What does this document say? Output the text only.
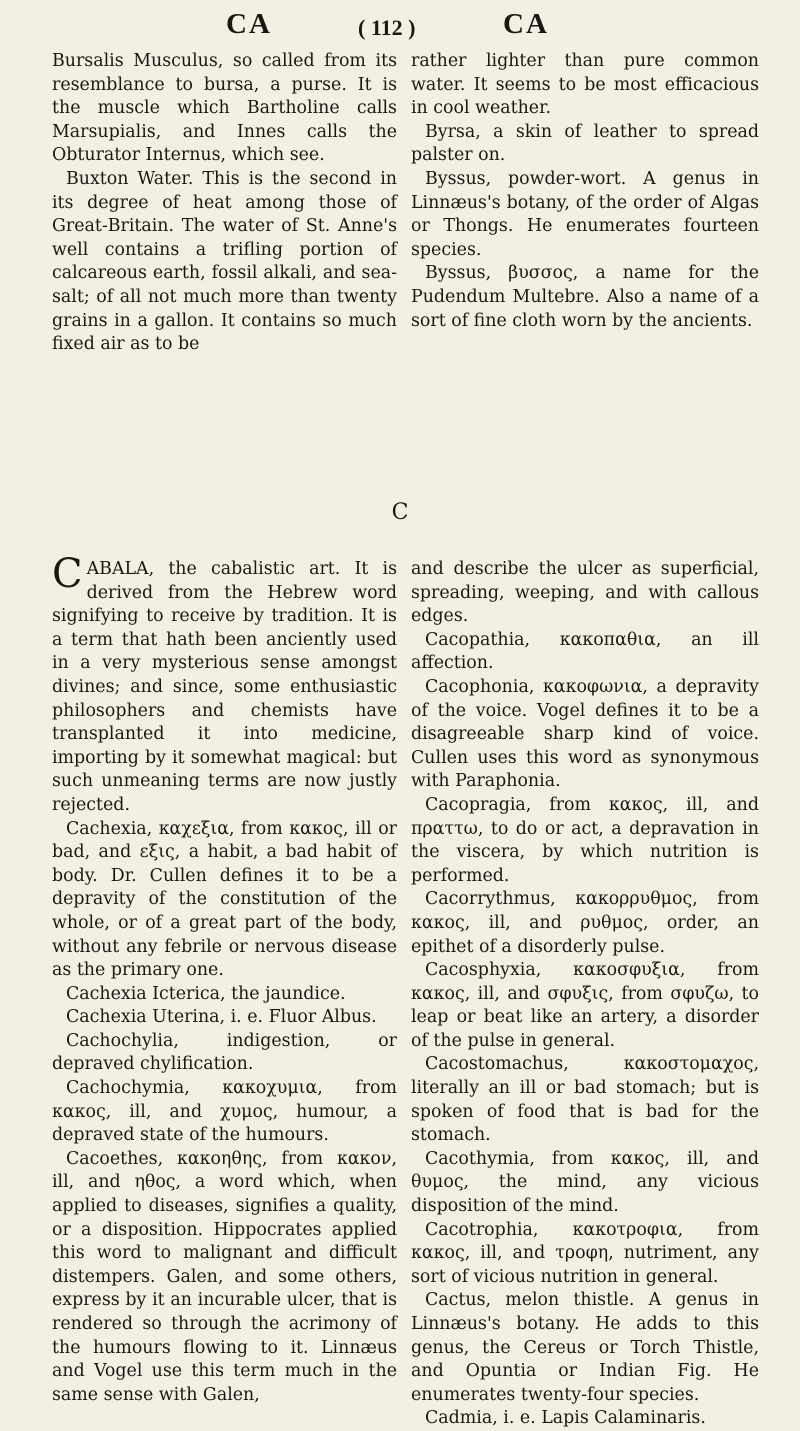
CA	( 112 )	CA

Bursalis Musculus, so called from its resemblance to bursa, a purse. It is the muscle which Bartholine calls Marsupialis, and Innes calls the Obturator Internus, which see.

Buxton Water. This is the second in its degree of heat among those of Great-Britain. The water of St. Anne's well contains a trifling portion of calcareous earth, fossil alkali, and sea-salt; of all not much more than twenty grains in a gallon. It contains so much fixed air as to be

rather lighter than pure common water. It seems to be most efficacious in cool weather.

Byrsa, a skin of leather to spread palster on.

Byssus, powder-wort. A genus in Linnæus's botany, of the order of Algas or Thongs. He enumerates fourteen species.

Byssus, βυσσος, a name for the Pudendum Multebre. Also a name of a sort of fine cloth worn by the ancients.

C

CABALA, the cabalistic art. It is derived from the Hebrew word signifying to receive by tradition. It is a term that hath been anciently used in a very mysterious sense amongst divines; and since, some enthusiastic philosophers and chemists have transplanted it into medicine, importing by it somewhat magical: but such unmeaning terms are now justly rejected.

Cachexia, καχεξια, from κακος, ill or bad, and εξις, a habit, a bad habit of body. Dr. Cullen defines it to be a depravity of the constitution of the whole, or of a great part of the body, without any febrile or nervous disease as the primary one.

Cachexia Icterica, the jaundice.

Cachexia Uterina, i. e. Fluor Albus.

Cachochylia, indigestion, or depraved chylification.

Cachochymia, κακοχυμια, from κακος, ill, and χυμος, humour, a depraved state of the humours.

Cacoethes, κακοηθης, from κακον, ill, and ηθος, a word which, when applied to diseases, signifies a quality, or a disposition. Hippocrates applied this word to malignant and difficult distempers. Galen, and some others, express by it an incurable ulcer, that is rendered so through the acrimony of the humours flowing to it. Linnæus and Vogel use this term much in the same sense with Galen,

and describe the ulcer as superficial, spreading, weeping, and with callous edges.

Cacopathia, κακοπαθια, an ill affection.

Cacophonia, κακοφωνια, a depravity of the voice. Vogel defines it to be a disagreeable sharp kind of voice. Cullen uses this word as synonymous with Paraphonia.

Cacopragia, from κακος, ill, and πραττω, to do or act, a depravation in the viscera, by which nutrition is performed.

Cacorrythmus, κακορρυθμος, from κακος, ill, and ρυθμος, order, an epithet of a disorderly pulse.

Cacosphyxia, κακοσφυξια, from κακος, ill, and σφυξις, from σφυζω, to leap or beat like an artery, a disorder of the pulse in general.

Cacostomachus, κακοστομαχος, literally an ill or bad stomach; but is spoken of food that is bad for the stomach.

Cacothymia, from κακος, ill, and θυμος, the mind, any vicious disposition of the mind.

Cacotrophia, κακοτροφια, from κακος, ill, and τροφη, nutriment, any sort of vicious nutrition in general.

Cactus, melon thistle. A genus in Linnæus's botany. He adds to this genus, the Cereus or Torch Thistle, and Opuntia or Indian Fig. He enumerates twenty-four species.

Cadmia, i. e. Lapis Calaminaris.
